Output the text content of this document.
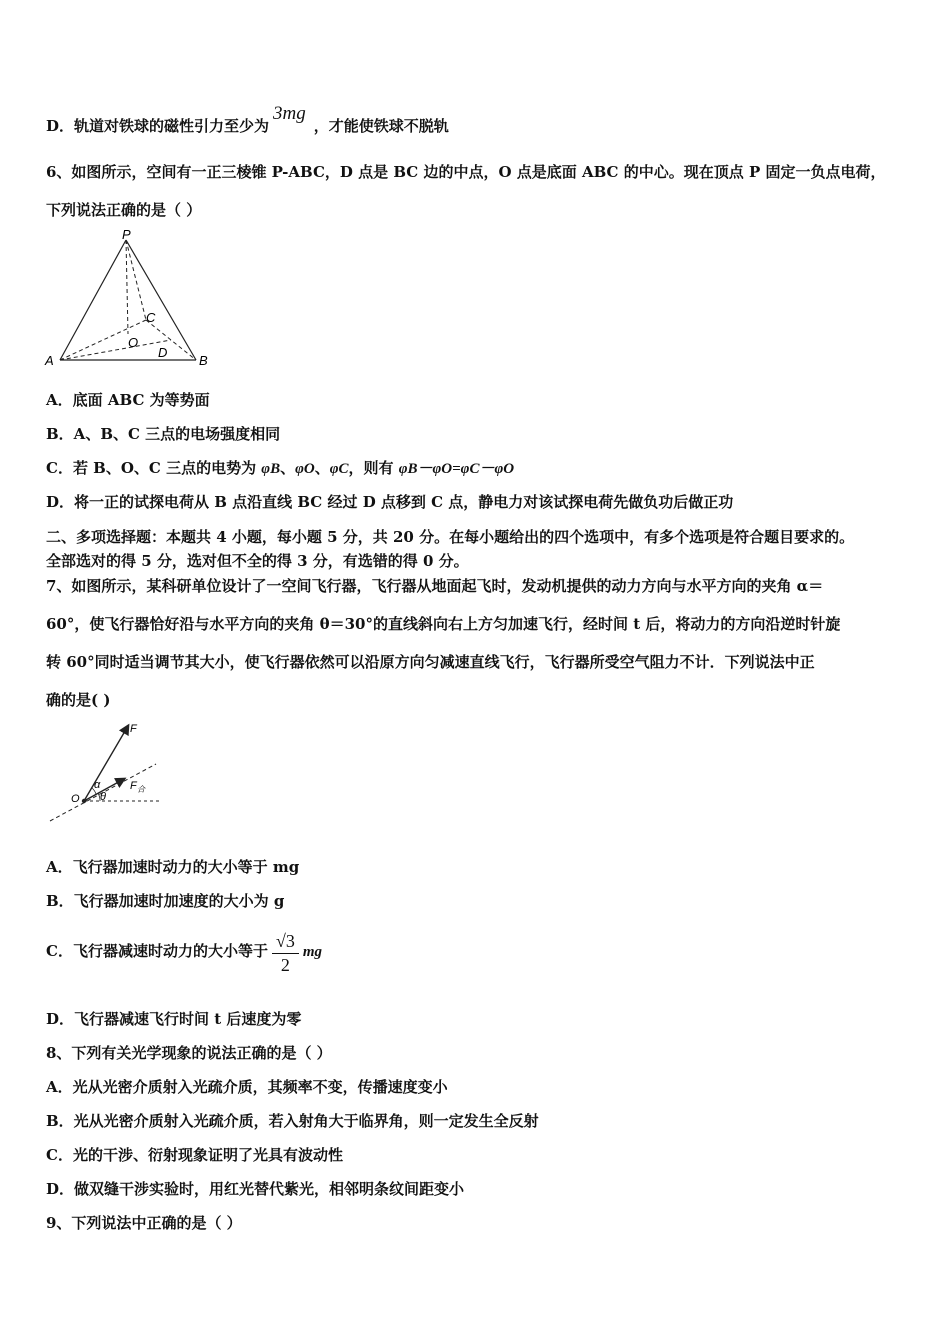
D．轨道对铁球的磁性引力至少为3mg，才能使铁球不脱轨
6、如图所示，空间有一正三棱锥 P-ABC，D 点是 BC 边的中点，O 点是底面 ABC 的中心。现在顶点 P 固定一负点电荷，
下列说法正确的是（ ）
P
A	B
C
O
D
A．底面 ABC 为等势面
B．A、B、C 三点的电场强度相同
C．若 B、O、C 三点的电势为 φB、φO、φC，则有 φB－φO=φC－φO
D．将一正的试探电荷从 B 点沿直线 BC 经过 D 点移到 C 点，静电力对该试探电荷先做负功后做正功
二、多项选择题：本题共 4 小题，每小题 5 分，共 20 分。在每小题给出的四个选项中，有多个选项是符合题目要求的。
全部选对的得 5 分，选对但不全的得 3 分，有选错的得 0 分。
7、如图所示，某科研单位设计了一空间飞行器，飞行器从地面起飞时，发动机提供的动力方向与水平方向的夹角 α＝
60°，使飞行器恰好沿与水平方向的夹角 θ＝30°的直线斜向右上方匀加速飞行，经时间 t 后，将动力的方向沿逆时针旋
转 60°同时适当调节其大小，使飞行器依然可以沿原方向匀减速直线飞行，飞行器所受空气阻力不计．下列说法中正
确的是( )
F
α
θ
O
F 合
A．飞行器加速时动力的大小等于 mg
B．飞行器加速时加速度的大小为 g
C．飞行器减速时动力的大小等于 $\frac{√3}{2}$ mg
D．飞行器减速飞行时间 t 后速度为零
8、下列有关光学现象的说法正确的是（ ）
A．光从光密介质射入光疏介质，其频率不变，传播速度变小
B．光从光密介质射入光疏介质，若入射角大于临界角，则一定发生全反射
C．光的干涉、衍射现象证明了光具有波动性
D．做双缝干涉实验时，用红光替代紫光，相邻明条纹间距变小
9、下列说法中正确的是（ ）
